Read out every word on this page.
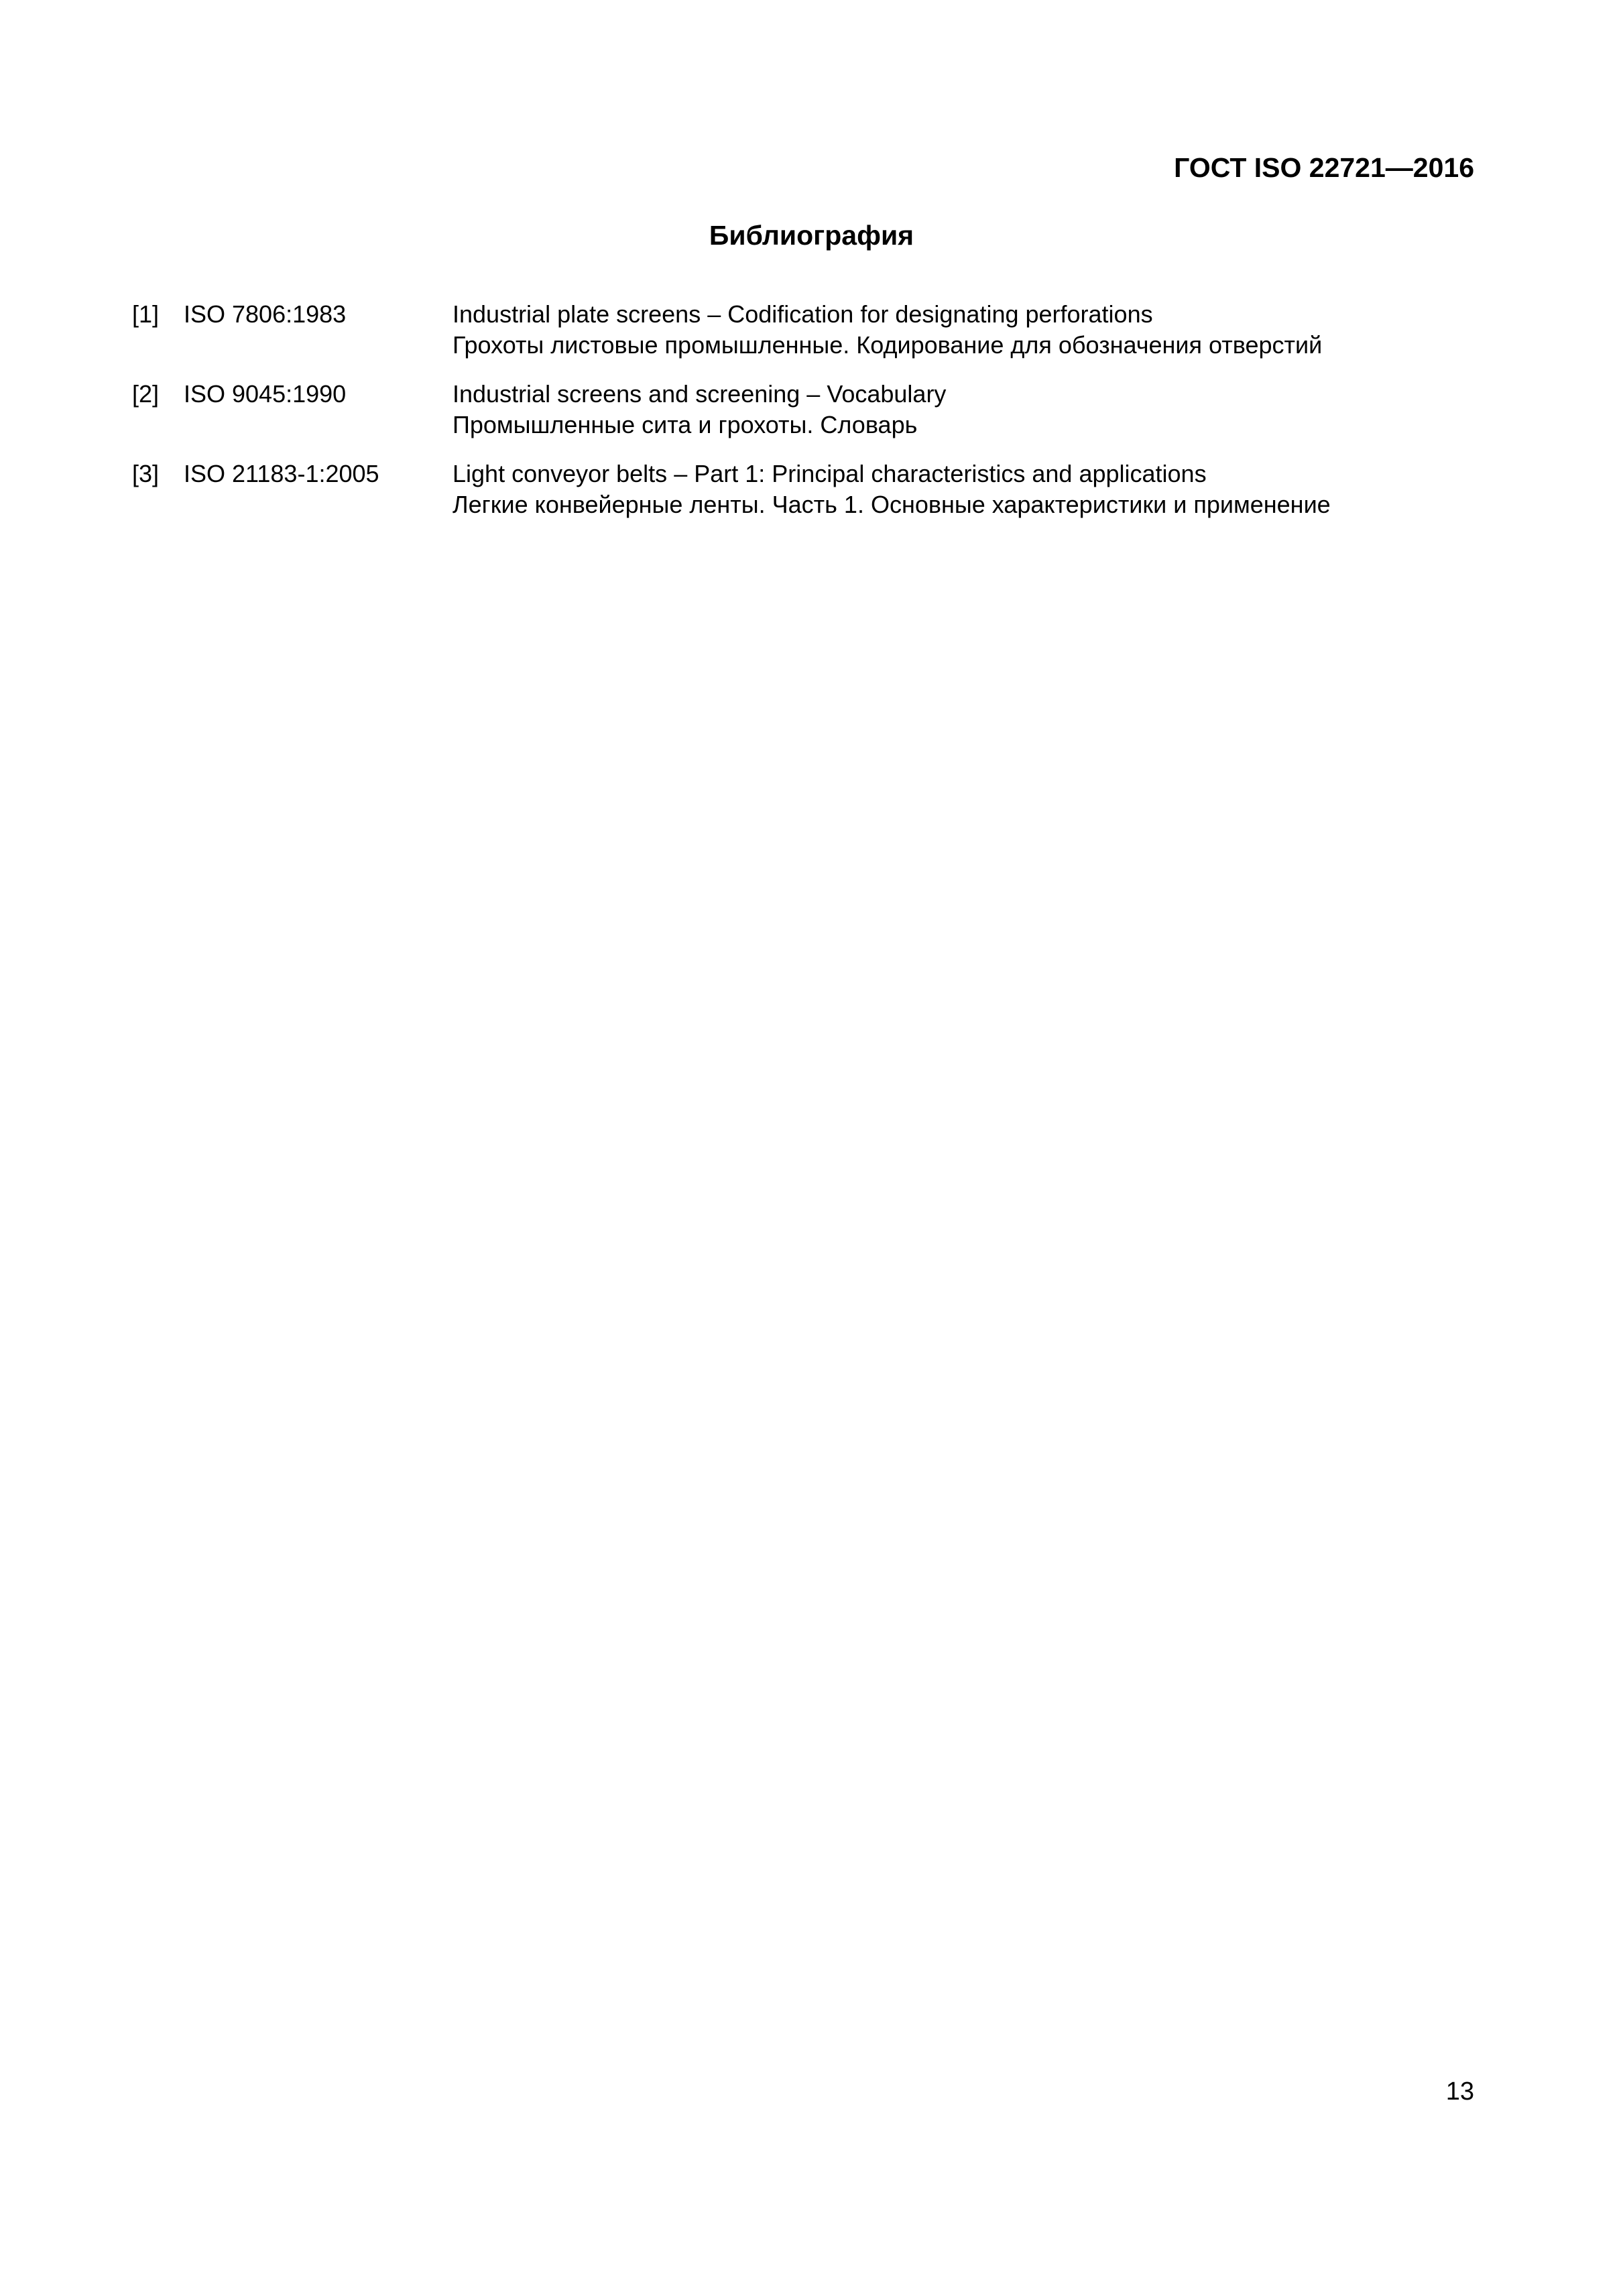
ГОСТ ISO 22721—2016
Библиография
[1] ISO 7806:1983	Industrial plate screens – Codification for designating perforations
Грохоты листовые промышленные. Кодирование для обозначения отверстий
[2] ISO 9045:1990	Industrial screens and screening – Vocabulary
Промышленные сита и грохоты. Словарь
[3] ISO 21183-1:2005	Light conveyor belts – Part 1: Principal characteristics and applications
Легкие конвейерные ленты. Часть 1. Основные характеристики и применение
13
